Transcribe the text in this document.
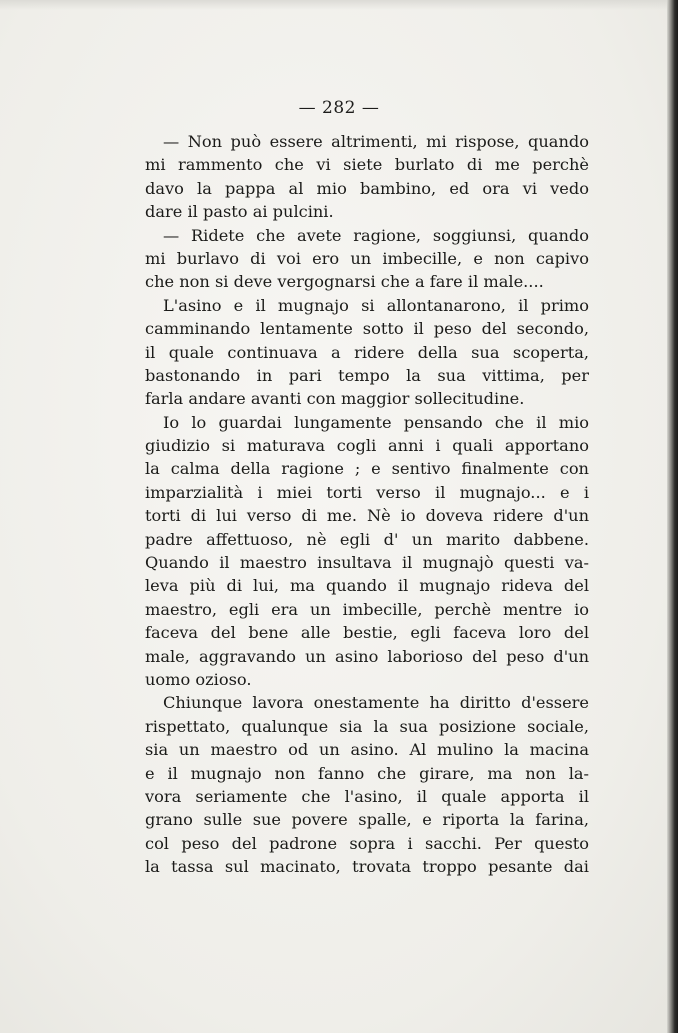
— 282 —
— Non può essere altrimenti, mi rispose, quando
mi rammento che vi siete burlato di me perchè
davo la pappa al mio bambino, ed ora vi vedo
dare il pasto ai pulcini.
— Ridete che avete ragione, soggiunsi, quando
mi burlavo di voi ero un imbecille, e non capivo
che non si deve vergognarsi che a fare il male....
L'asino e il mugnajo si allontanarono, il primo
camminando lentamente sotto il peso del secondo,
il quale continuava a ridere della sua scoperta,
bastonando in pari tempo la sua vittima, per
farla andare avanti con maggior sollecitudine.
Io lo guardai lungamente pensando che il mio
giudizio si maturava cogli anni i quali apportano
la calma della ragione ; e sentivo finalmente con
imparzialità i miei torti verso il mugnajo... e i
torti di lui verso di me. Nè io doveva ridere d'un
padre affettuoso, nè egli d' un marito dabbene.
Quando il maestro insultava il mugnajò questi va-
leva più di lui, ma quando il mugnajo rideva del
maestro, egli era un imbecille, perchè mentre io
faceva del bene alle bestie, egli faceva loro del
male, aggravando un asino laborioso del peso d'un
uomo ozioso.
Chiunque lavora onestamente ha diritto d'essere
rispettato, qualunque sia la sua posizione sociale,
sia un maestro od un asino. Al mulino la macina
e il mugnajo non fanno che girare, ma non la-
vora seriamente che l'asino, il quale apporta il
grano sulle sue povere spalle, e riporta la farina,
col peso del padrone sopra i sacchi. Per questo
la tassa sul macinato, trovata troppo pesante dai
